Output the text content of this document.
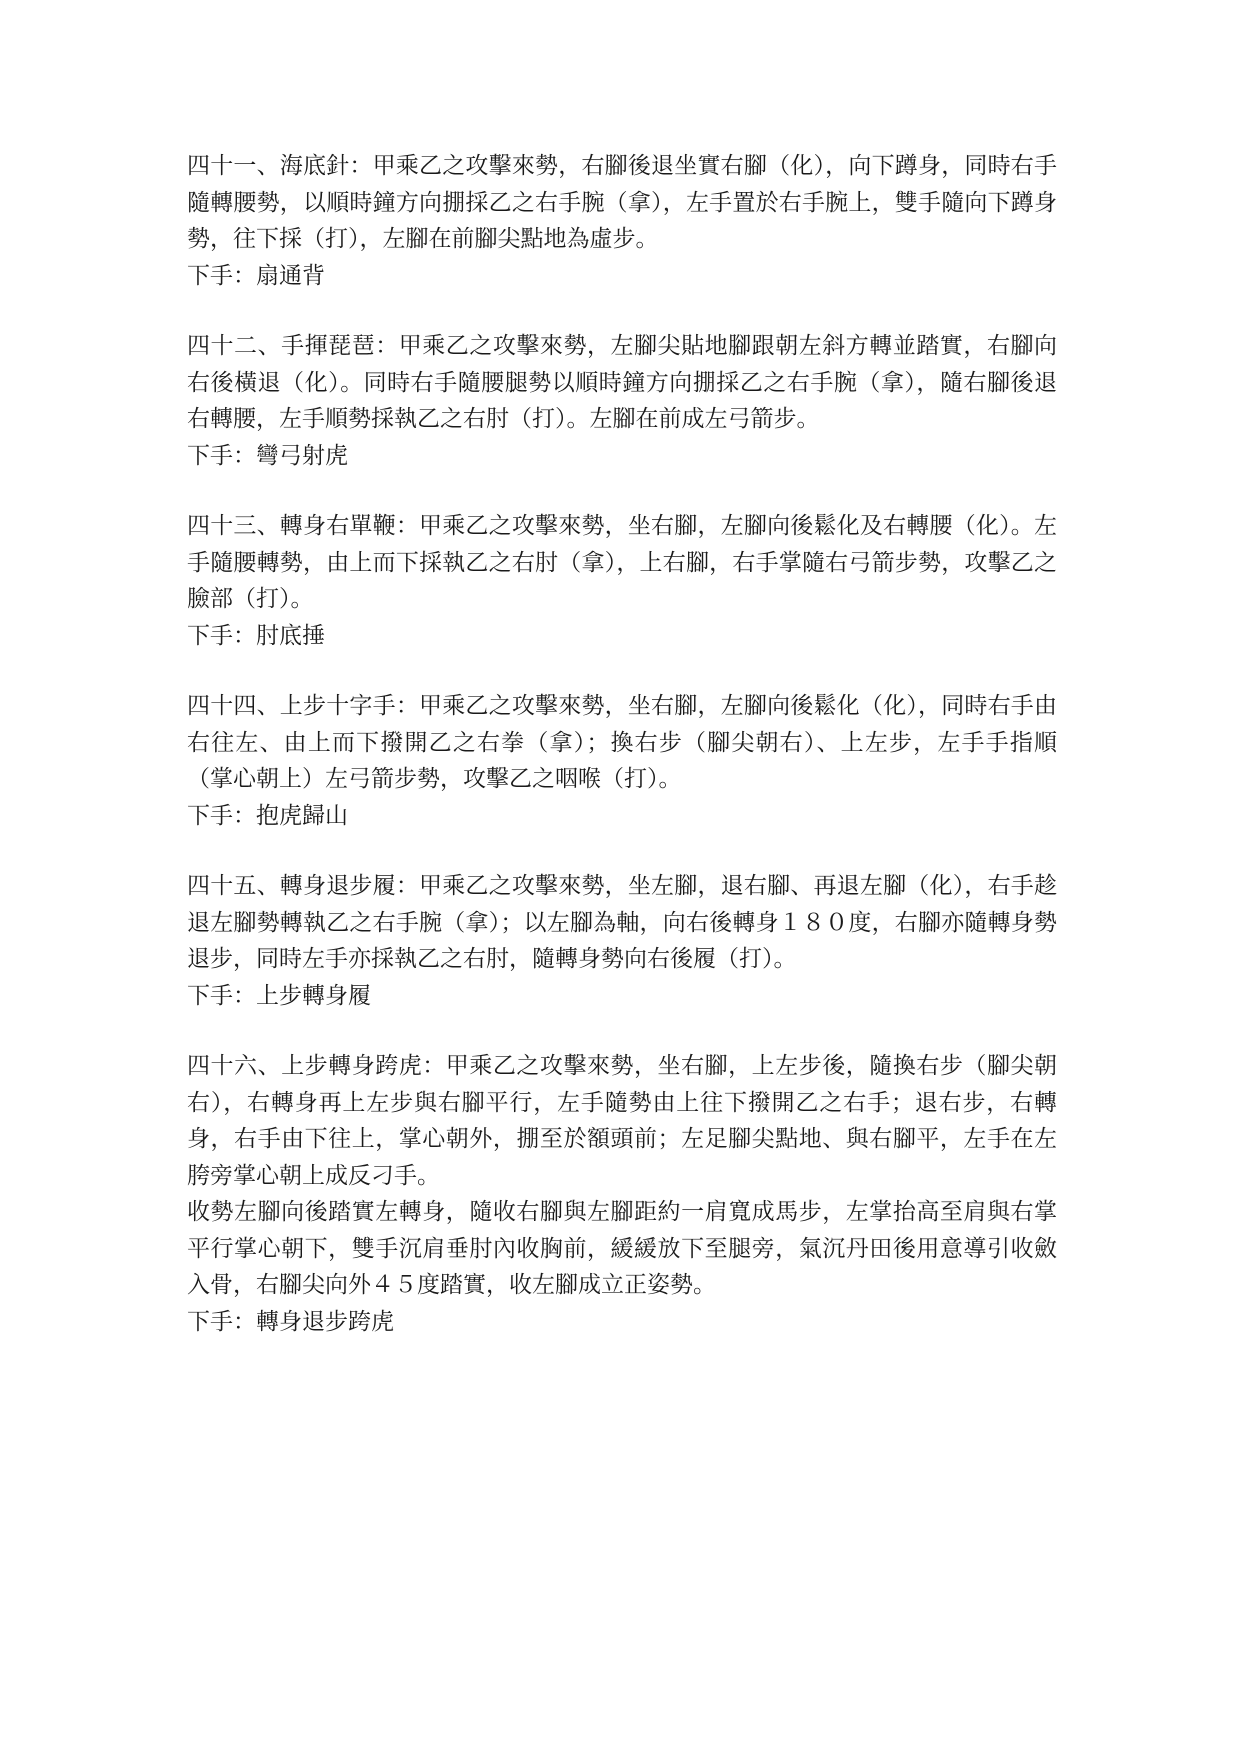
四十一、海底針：甲乘乙之攻擊來勢，右腳後退坐實右腳（化），向下蹲身，同時右手隨轉腰勢，以順時鐘方向掤採乙之右手腕（拿），左手置於右手腕上，雙手隨向下蹲身勢，往下採（打），左腳在前腳尖點地為虛步。

下手：扇通背

四十二、手揮琵琶：甲乘乙之攻擊來勢，左腳尖貼地腳跟朝左斜方轉並踏實，右腳向右後橫退（化）。同時右手隨腰腿勢以順時鐘方向掤採乙之右手腕（拿），隨右腳後退右轉腰，左手順勢採執乙之右肘（打）。左腳在前成左弓箭步。

下手：彎弓射虎

四十三、轉身右單鞭：甲乘乙之攻擊來勢，坐右腳，左腳向後鬆化及右轉腰（化）。左手隨腰轉勢，由上而下採執乙之右肘（拿），上右腳，右手掌隨右弓箭步勢，攻擊乙之臉部（打）。

下手：肘底捶

四十四、上步十字手：甲乘乙之攻擊來勢，坐右腳，左腳向後鬆化（化），同時右手由右往左、由上而下撥開乙之右拳（拿）；換右步（腳尖朝右）、上左步，左手手指順（掌心朝上）左弓箭步勢，攻擊乙之咽喉（打）。

下手：抱虎歸山

四十五、轉身退步履：甲乘乙之攻擊來勢，坐左腳，退右腳、再退左腳（化），右手趁退左腳勢轉執乙之右手腕（拿）；以左腳為軸，向右後轉身１８０度，右腳亦隨轉身勢退步，同時左手亦採執乙之右肘，隨轉身勢向右後履（打）。

下手：上步轉身履

四十六、上步轉身跨虎：甲乘乙之攻擊來勢，坐右腳，上左步後，隨換右步（腳尖朝右），右轉身再上左步與右腳平行，左手隨勢由上往下撥開乙之右手；退右步，右轉身，右手由下往上，掌心朝外，掤至於額頭前；左足腳尖點地、與右腳平，左手在左胯旁掌心朝上成反刁手。

收勢左腳向後踏實左轉身，隨收右腳與左腳距約一肩寬成馬步，左掌抬高至肩與右掌平行掌心朝下，雙手沉肩垂肘內收胸前，緩緩放下至腿旁，氣沉丹田後用意導引收斂入骨，右腳尖向外４５度踏實，收左腳成立正姿勢。

下手：轉身退步跨虎
